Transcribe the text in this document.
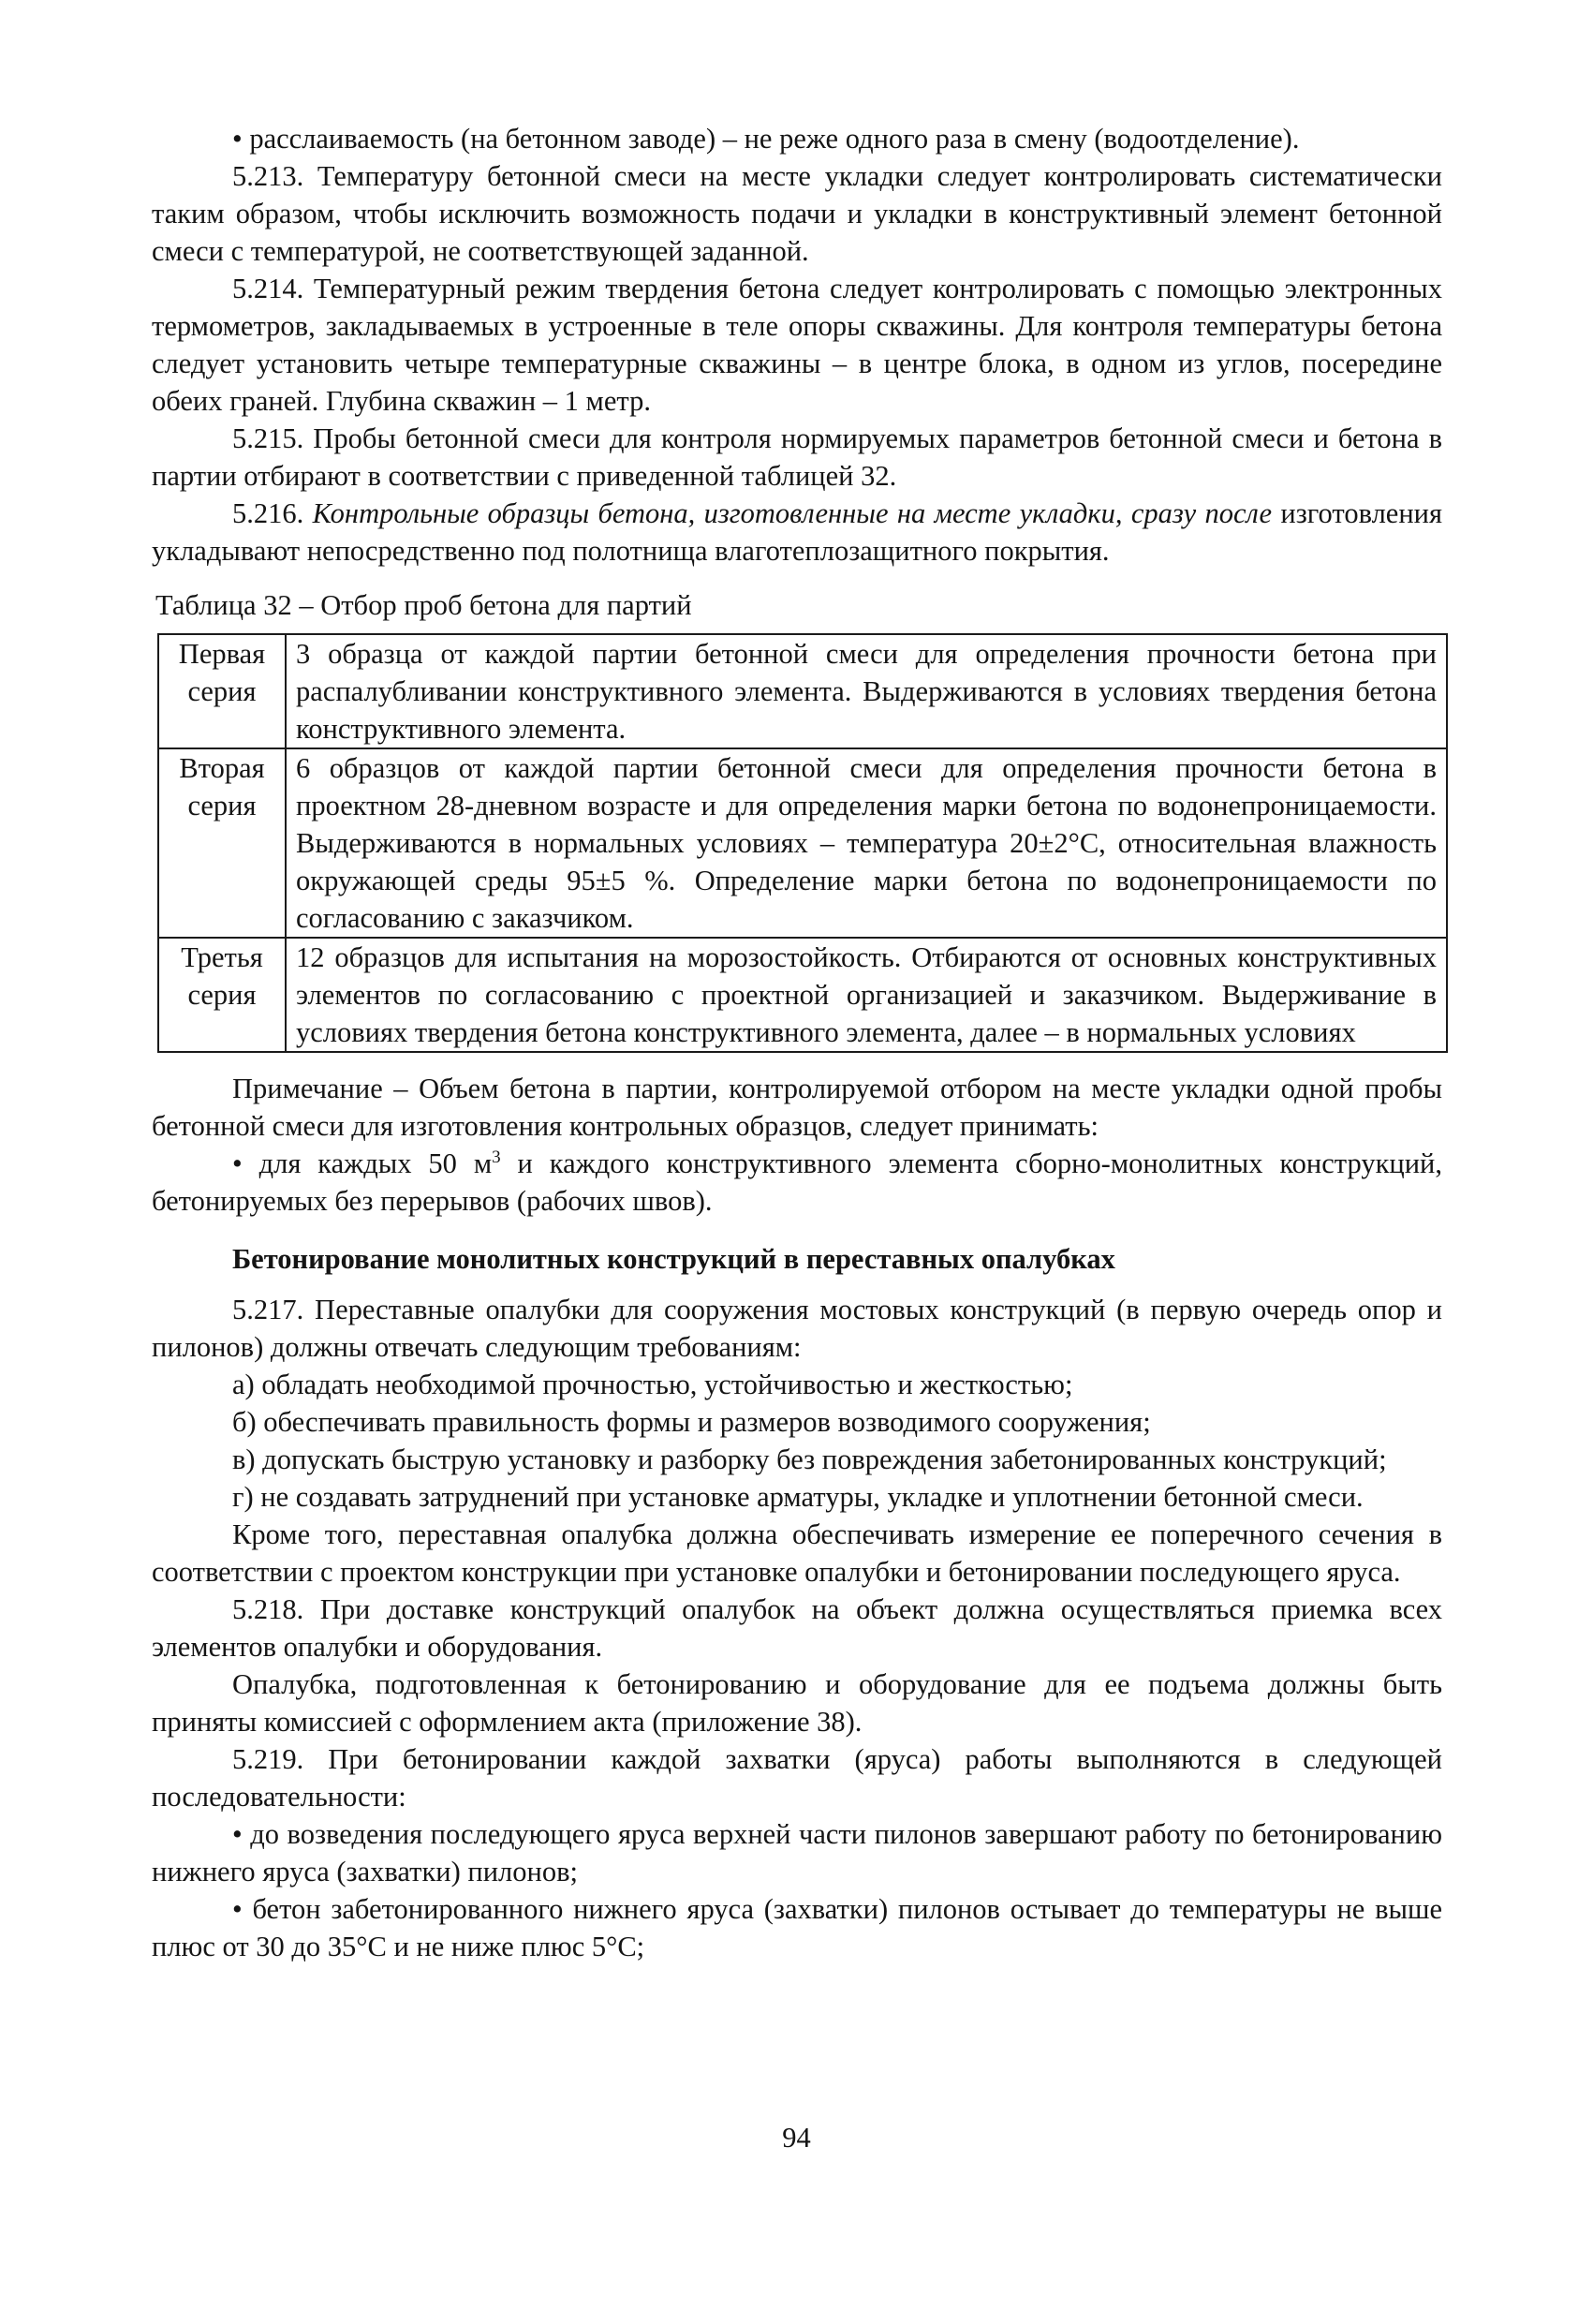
• расслаиваемость (на бетонном заводе) – не реже одного раза в смену (водоотделение).

5.213. Температуру бетонной смеси на месте укладки следует контролировать систематически таким образом, чтобы исключить возможность подачи и укладки в конструктивный элемент бетонной смеси с температурой, не соответствующей заданной.

5.214. Температурный режим твердения бетона следует контролировать с помощью электронных термометров, закладываемых в устроенные в теле опоры скважины. Для контроля температуры бетона следует установить четыре температурные скважины – в центре блока, в одном из углов, посередине обеих граней. Глубина скважин – 1 метр.

5.215. Пробы бетонной смеси для контроля нормируемых параметров бетонной смеси и бетона в партии отбирают в соответствии с приведенной таблицей 32.

5.216. Контрольные образцы бетона, изготовленные на месте укладки, сразу после изготовления укладывают непосредственно под полотнища влаготеплозащитного покрытия.

Таблица 32 – Отбор проб бетона для партий
Первая серия	3 образца от каждой партии бетонной смеси для определения прочности бетона при распалубливании конструктивного элемента. Выдерживаются в условиях твердения бетона конструктивного элемента.
Вторая серия	6 образцов от каждой партии бетонной смеси для определения прочности бетона в проектном 28-дневном возрасте и для определения марки бетона по водонепроницаемости. Выдерживаются в нормальных условиях – температура 20±2°С, относительная влажность окружающей среды 95±5 %. Определение марки бетона по водонепроницаемости по согласованию с заказчиком.
Третья серия	12 образцов для испытания на морозостойкость. Отбираются от основных конструктивных элементов по согласованию с проектной организацией и заказчиком. Выдерживание в условиях твердения бетона конструктивного элемента, далее – в нормальных условиях

Примечание – Объем бетона в партии, контролируемой отбором на месте укладки одной пробы бетонной смеси для изготовления контрольных образцов, следует принимать:

• для каждых 50 $м^3$ и каждого конструктивного элемента сборно-монолитных конструкций, бетонируемых без перерывов (рабочих швов).

Бетонирование монолитных конструкций в переставных опалубках

5.217. Переставные опалубки для сооружения мостовых конструкций (в первую очередь опор и пилонов) должны отвечать следующим требованиям:

а) обладать необходимой прочностью, устойчивостью и жесткостью;

б) обеспечивать правильность формы и размеров возводимого сооружения;

в) допускать быструю установку и разборку без повреждения забетонированных конструкций;

г) не создавать затруднений при установке арматуры, укладке и уплотнении бетонной смеси.

Кроме того, переставная опалубка должна обеспечивать измерение ее поперечного сечения в соответствии с проектом конструкции при установке опалубки и бетонировании последующего яруса.

5.218. При доставке конструкций опалубок на объект должна осуществляться приемка всех элементов опалубки и оборудования.

Опалубка, подготовленная к бетонированию и оборудование для ее подъема должны быть приняты комиссией с оформлением акта (приложение 38).

5.219. При бетонировании каждой захватки (яруса) работы выполняются в следующей последовательности:

• до возведения последующего яруса верхней части пилонов завершают работу по бетонированию нижнего яруса (захватки) пилонов;

• бетон забетонированного нижнего яруса (захватки) пилонов остывает до температуры не выше плюс от 30 до 35°С и не ниже плюс 5°С;

94
